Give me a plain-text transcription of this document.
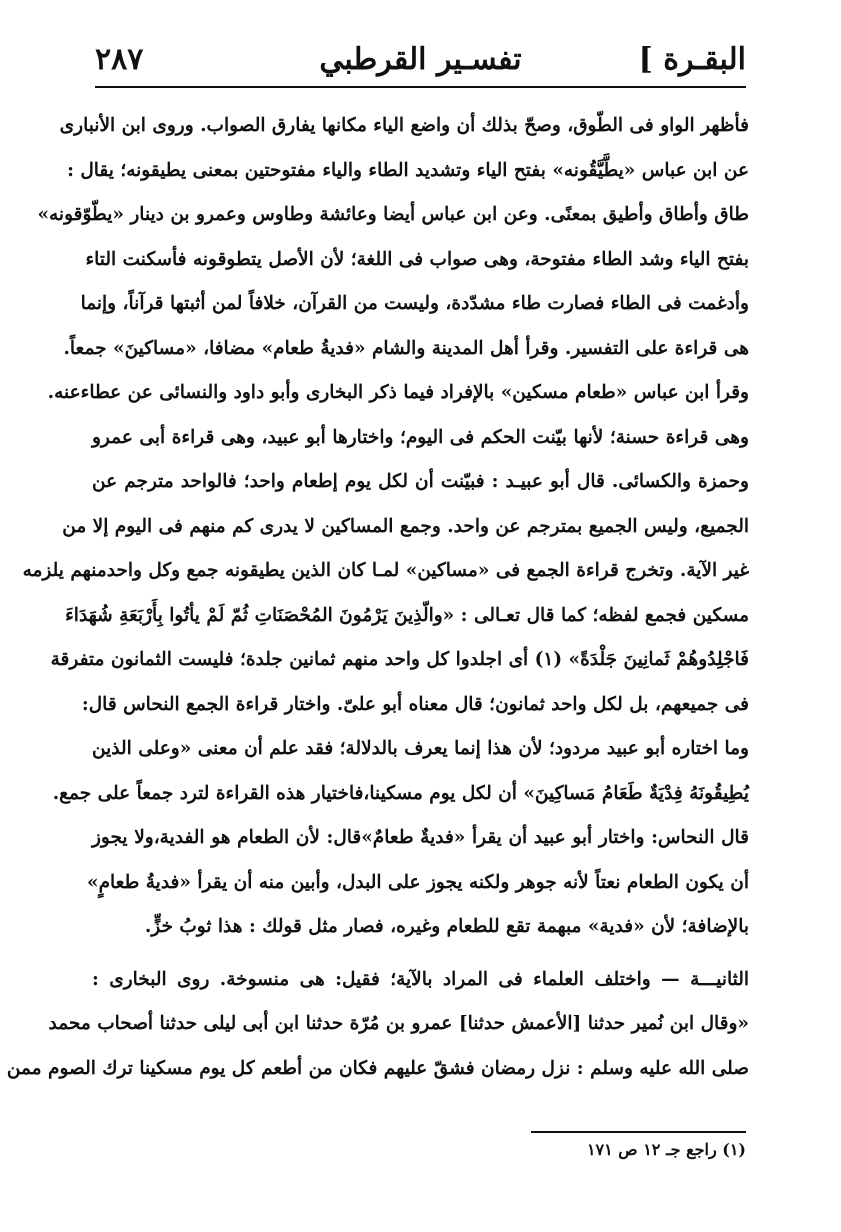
البقـرة ]
تفسـير القرطبي
٢٨٧
فأظهر الواو فى الطّوق، وصحّ بذلك أن واضع الياء مكانها يفارق الصواب. وروى ابن الأنبارى
عن ابن عباس «يطَّيَّقُونه» بفتح الياء وتشديد الطاء والياء مفتوحتين بمعنى يطيقونه؛ يقال :
طاق وأطاق وأطيق بمعنًى. وعن ابن عباس أيضا وعائشة وطاوس وعمرو بن دينار «يطّوّقونه»
بفتح الياء وشد الطاء مفتوحة، وهى صواب فى اللغة؛ لأن الأصل يتطوقونه فأسكنت التاء
وأدغمت فى الطاء فصارت طاء مشدّدة، وليست من القرآن، خلافاً لمن أثبتها قرآناً، وإنما
هى قراءة على التفسير. وقرأ أهل المدينة والشام «فديةُ طعام» مضافا، «مساكينَ» جمعاً.
وقرأ ابن عباس «طعام مسكين» بالإفراد فيما ذكر البخارى وأبو داود والنسائى عن عطاءعنه.
وهى قراءة حسنة؛ لأنها بيّنت الحكم فى اليوم؛ واختارها أبو عبيد، وهى قراءة أبى عمرو
وحمزة والكسائى. قال أبو عبيـد : فبيّنت أن لكل يوم إطعام واحد؛ فالواحد مترجم عن
الجميع، وليس الجميع بمترجم عن واحد. وجمع المساكين لا يدرى كم منهم فى اليوم إلا من
غير الآية. وتخرج قراءة الجمع فى «مساكين» لمـا كان الذين يطيقونه جمع وكل واحدمنهم يلزمه
مسكين فجمع لفظه؛ كما قال تعـالى : «والّذِينَ يَرْمُونَ المُحْصَنَاتِ ثُمّ لَمْ يأتُوا بِأَرْبَعَةِ شُهَدَاءَ
فَاجْلِدُوهُمْ ثَمانِينَ جَلْدَةً» (١) أى اجلدوا كل واحد منهم ثمانين جلدة؛ فليست الثمانون متفرقة
فى جميعهم، بل لكل واحد ثمانون؛ قال معناه أبو علىّ. واختار قراءة الجمع النحاس قال:
وما اختاره أبو عبيد مردود؛ لأن هذا إنما يعرف بالدلالة؛ فقد علم أن معنى «وعلى الذين
يُطِيقُونَهُ فِدْيَةٌ طَعَامُ مَساكِينَ» أن لكل يوم مسكينا،فاختيار هذه القراءة لترد جمعاً على جمع.
قال النحاس: واختار أبو عبيد أن يقرأ «فديةٌ طعامٌ»قال: لأن الطعام هو الفدية،ولا يجوز
أن يكون الطعام نعتاً لأنه جوهر ولكنه يجوز على البدل، وأبين منه أن يقرأ «فديةُ طعامٍ»
بالإضافة؛ لأن «فدية» مبهمة تقع للطعام وغيره، فصار مثل قولك : هذا ثوبُ خزٍّ.
الثانيـــة — واختلف العلماء فى المراد بالآية؛ فقيل: هى منسوخة. روى البخارى :
«وقال ابن نُمير حدثنا [الأعمش حدثنا] عمرو بن مُرّة حدثنا ابن أبى ليلى حدثنا أصحاب محمد
صلى الله عليه وسلم : نزل رمضان فشقّ عليهم فكان من أطعم كل يوم مسكينا ترك الصوم ممن
(١) راجع جـ ١٢ ص ١٧١
